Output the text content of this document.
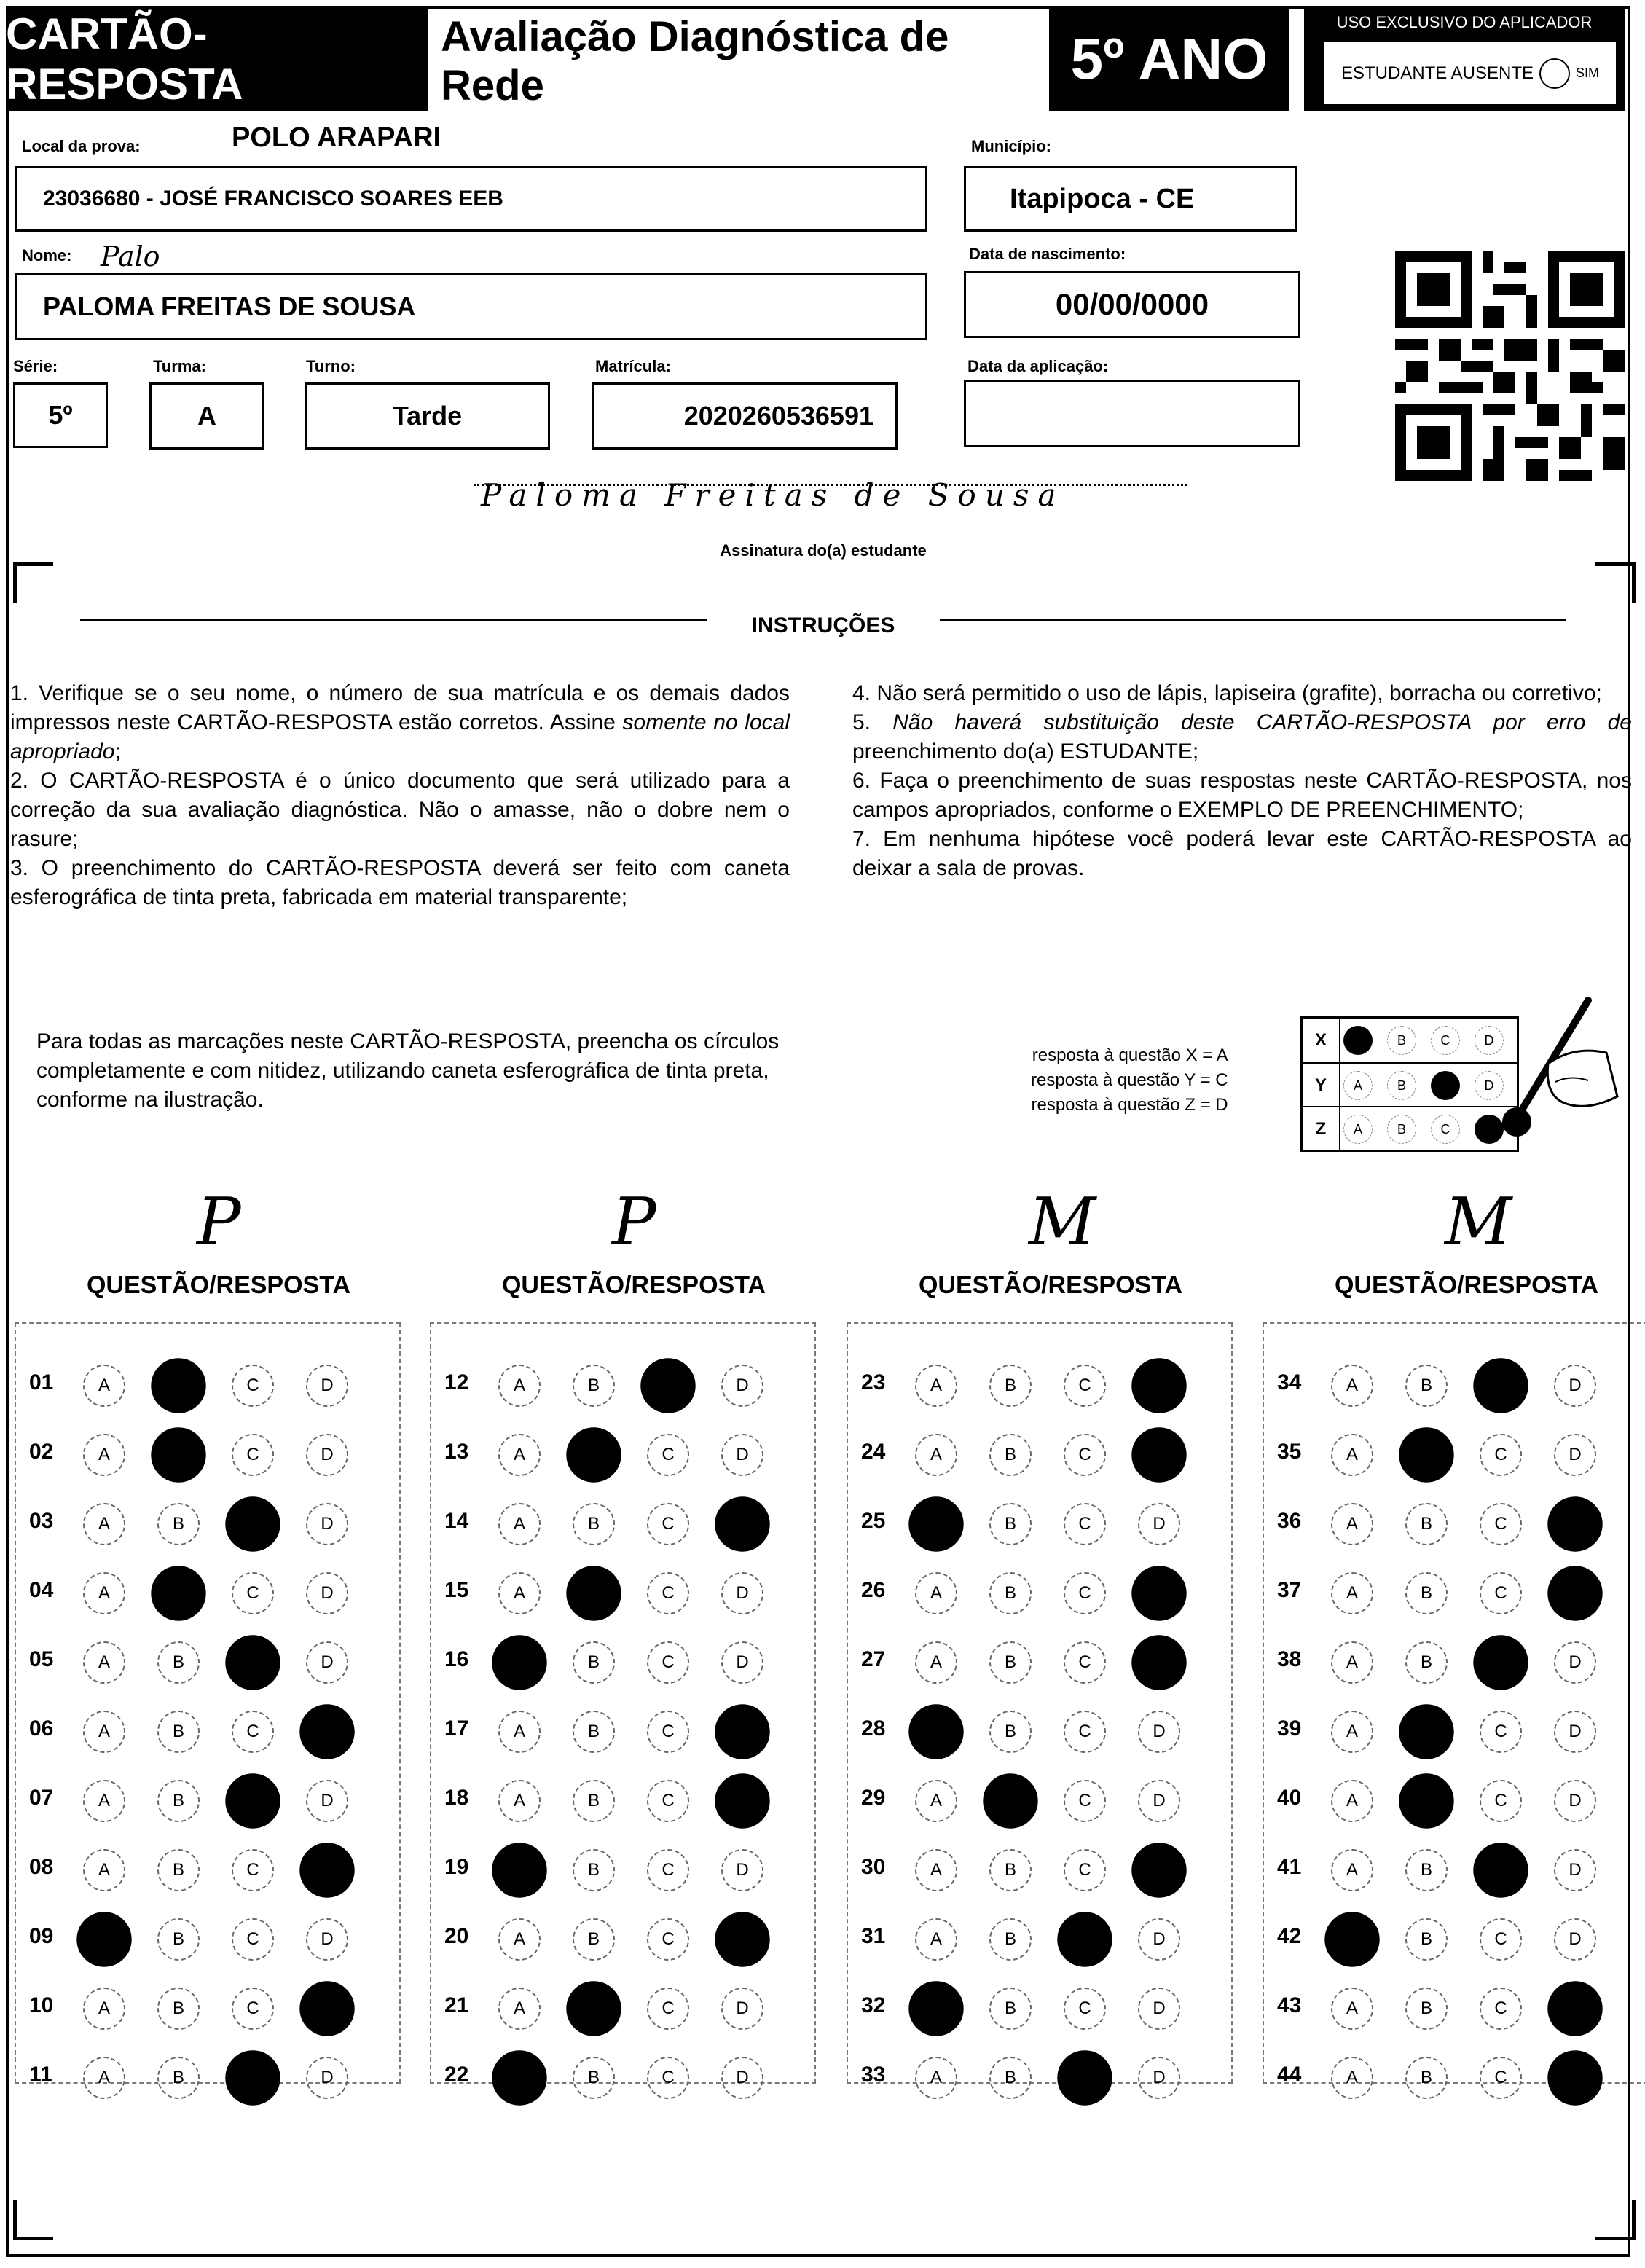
CARTÃO-RESPOSTA
Avaliação Diagnóstica de Rede	5º ANO
USO EXCLUSIVO DO APLICADOR
ESTUDANTE AUSENTE	SIM
Local da prova:	POLO ARAPARI
23036680 - JOSÉ FRANCISCO SOARES EEB
Município:
Itapipoca - CE
Nome: Palo
PALOMA FREITAS DE SOUSA
Data de nascimento:
00/00/0000
Série:
5º
Turma:
A
Turno:
Tarde
Matrícula:
2020260536591
Data da aplicação:
Paloma Freitas de Sousa
Assinatura do(a) estudante
INSTRUÇÕES

1. Verifique se o seu nome, o número de sua matrícula e os demais dados impressos neste CARTÃO-RESPOSTA estão corretos. Assine somente no local apropriado;

2. O CARTÃO-RESPOSTA é o único documento que será utilizado para a correção da sua avaliação diagnóstica. Não o amasse, não o dobre nem o rasure;

3. O preenchimento do CARTÃO-RESPOSTA deverá ser feito com caneta esferográfica de tinta preta, fabricada em material transparente;

4. Não será permitido o uso de lápis, lapiseira (grafite), borracha ou corretivo;

5. Não haverá substituição deste CARTÃO-RESPOSTA por erro de preenchimento do(a) ESTUDANTE;

6. Faça o preenchimento de suas respostas neste CARTÃO-RESPOSTA, nos campos apropriados, conforme o EXEMPLO DE PREENCHIMENTO;

7. Em nenhuma hipótese você poderá levar este CARTÃO-RESPOSTA ao deixar a sala de provas.

Para todas as marcações neste CARTÃO-RESPOSTA, preencha os círculos completamente e com nitidez, utilizando caneta esferográfica de tinta preta, conforme na ilustração.
resposta à questão X = A
resposta à questão Y = C
resposta à questão Z = D
X	B	C	D
Y	A	B	D
Z	A	B	C
P
QUESTÃO/RESPOSTA
01	A	B	C	D
02	A	B	C	D
03	A	B	C	D
04	A	B	C	D
05	A	B	C	D
06	A	B	C	D
07	A	B	C	D
08	A	B	C	D
09	A	B	C	D
10	A	B	C	D
11	A	B	C	D
P
QUESTÃO/RESPOSTA
12	A	B	C	D
13	A	B	C	D
14	A	B	C	D
15	A	B	C	D
16	A	B	C	D
17	A	B	C	D
18	A	B	C	D
19	A	B	C	D
20	A	B	C	D
21	A	B	C	D
22	A	B	C	D
M
QUESTÃO/RESPOSTA
23	A	B	C	D
24	A	B	C	D
25	A	B	C	D
26	A	B	C	D
27	A	B	C	D
28	A	B	C	D
29	A	B	C	D
30	A	B	C	D
31	A	B	C	D
32	A	B	C	D
33	A	B	C	D
M
QUESTÃO/RESPOSTA
34	A	B	C	D
35	A	B	C	D
36	A	B	C	D
37	A	B	C	D
38	A	B	C	D
39	A	B	C	D
40	A	B	C	D
41	A	B	C	D
42	A	B	C	D
43	A	B	C	D
44	A	B	C	D
